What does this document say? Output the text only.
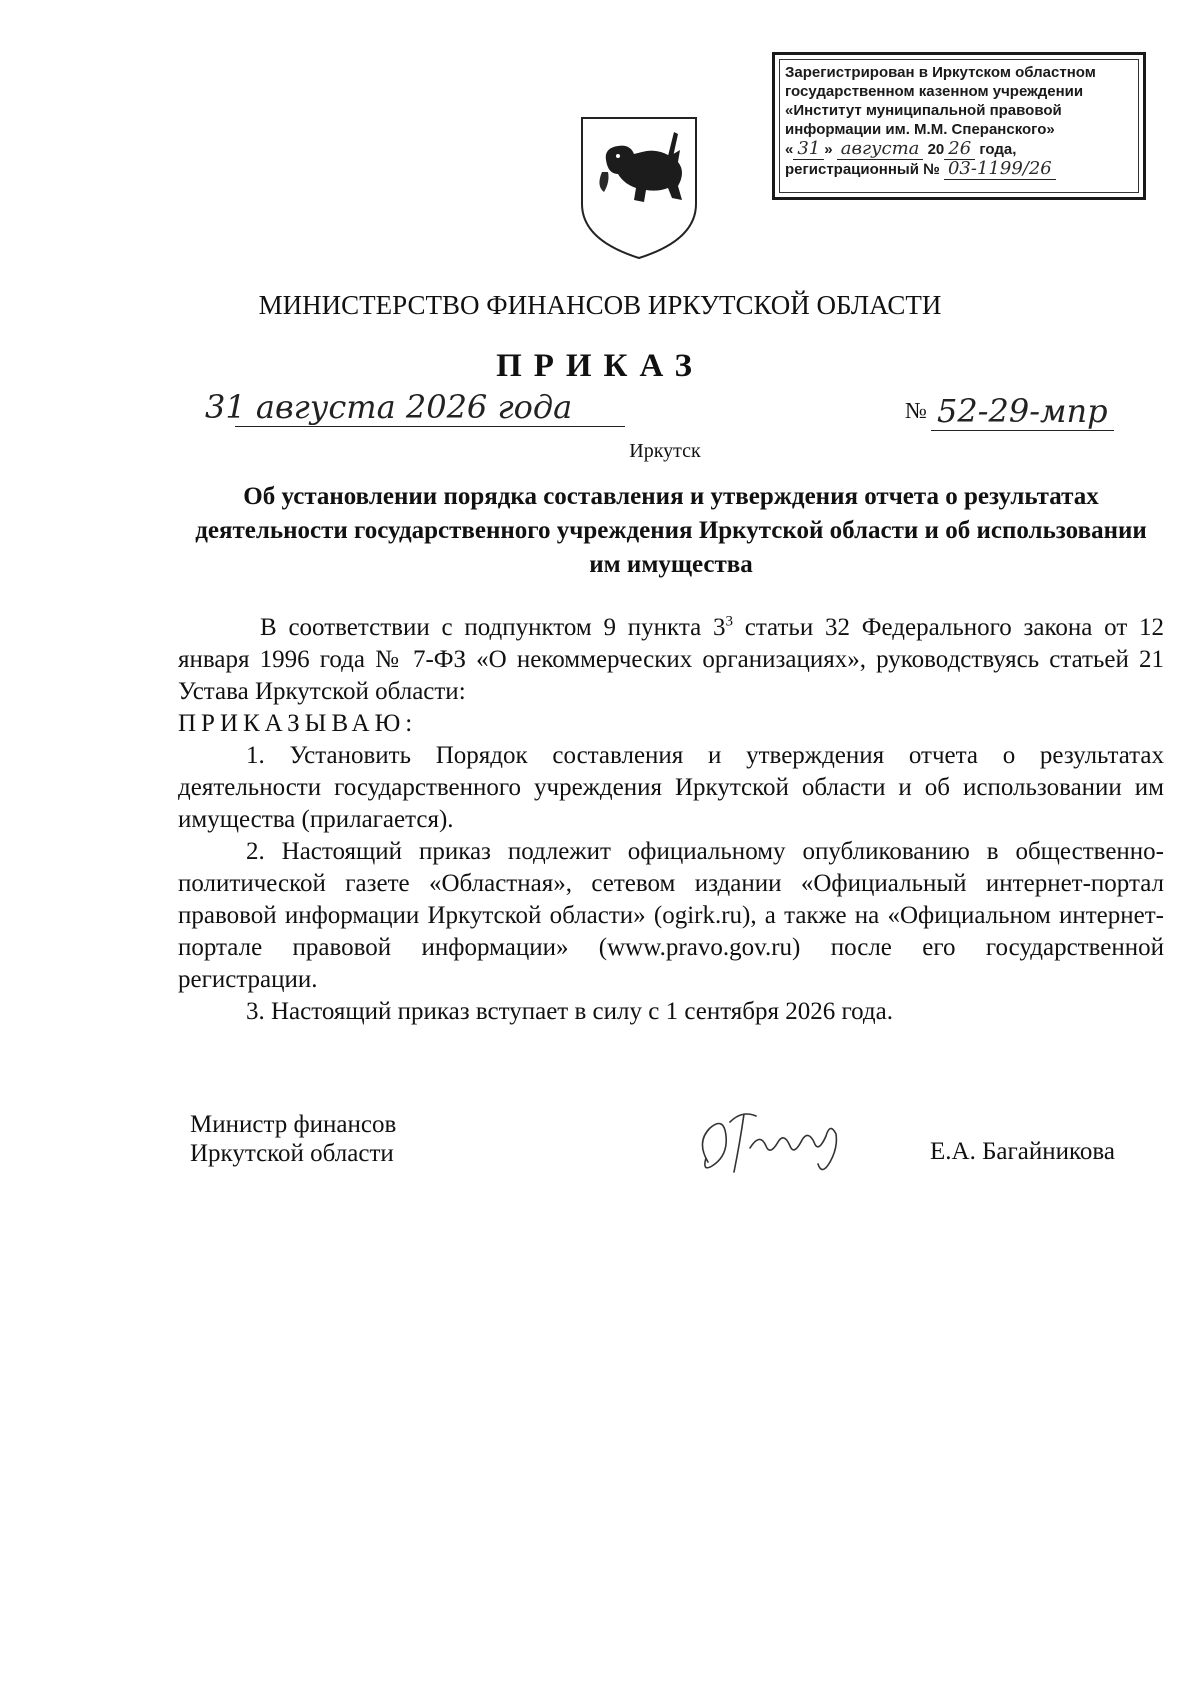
Зарегистрирован в Иркутском областном
государственном казенном учреждении
«Институт муниципальной правовой
информации им. М.М. Сперанского»
« 31 » августа 20 26 года,
регистрационный № 03-1199/26
МИНИСТЕРСТВО ФИНАНСОВ ИРКУТСКОЙ ОБЛАСТИ
ПРИКАЗ
31 августа 2026 года	№ 52-29-мпр
Иркутск
Об установлении порядка составления и утверждения отчета о результатах деятельности государственного учреждения Иркутской области и об использовании им имущества

В соответствии с подпунктом 9 пункта $3^3$ статьи 32 Федерального закона от 12 января 1996 года № 7-ФЗ «О некоммерческих организациях», руководствуясь статьей 21 Устава Иркутской области:

ПРИКАЗЫВАЮ:

1. Установить Порядок составления и утверждения отчета о результатах деятельности государственного учреждения Иркутской области и об использовании им имущества (прилагается).

2. Настоящий приказ подлежит официальному опубликованию в общественно-политической газете «Областная», сетевом издании «Официальный интернет-портал правовой информации Иркутской области» (ogirk.ru), а также на «Официальном интернет-портале правовой информации» (www.pravo.gov.ru) после его государственной регистрации.

3. Настоящий приказ вступает в силу с 1 сентября 2026 года.

Министр финансов
Иркутской области	Е.А. Багайникова
